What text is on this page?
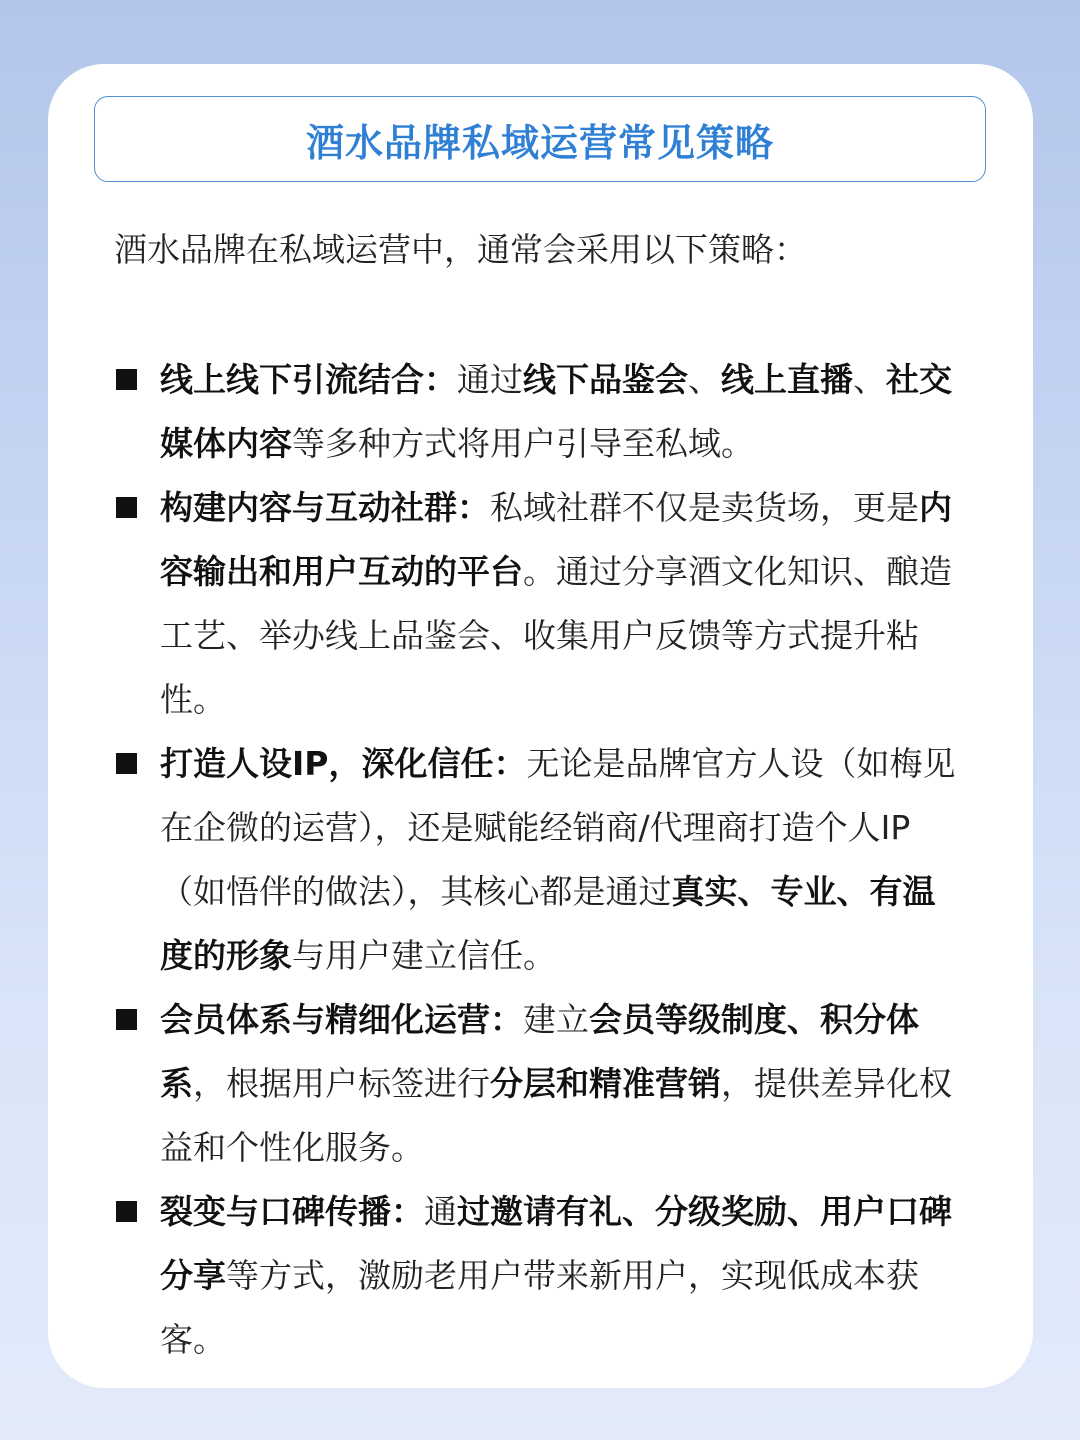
酒水品牌私域运营常见策略
酒水品牌在私域运营中，通常会采用以下策略：
线上线下引流结合：通过线下品鉴会、线上直播、社交媒体内容等多种方式将用户引导至私域。
构建内容与互动社群：私域社群不仅是卖货场，更是内容输出和用户互动的平台。通过分享酒文化知识、酿造工艺、举办线上品鉴会、收集用户反馈等方式提升粘性。
打造人设IP，深化信任：无论是品牌官方人设（如梅见在企微的运营），还是赋能经销商/代理商打造个人IP（如悟伴的做法），其核心都是通过真实、专业、有温度的形象与用户建立信任。
会员体系与精细化运营：建立会员等级制度、积分体系，根据用户标签进行分层和精准营销，提供差异化权益和个性化服务。
裂变与口碑传播：通过邀请有礼、分级奖励、用户口碑分享等方式，激励老用户带来新用户，实现低成本获客。
